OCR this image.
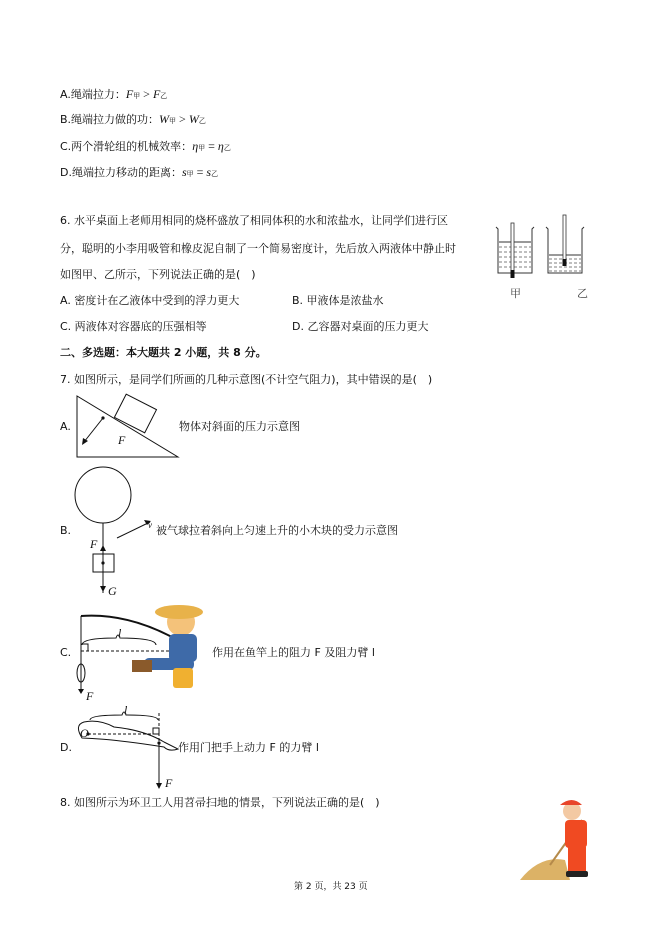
A.绳端拉力：F甲 > F乙
B.绳端拉力做的功：W甲 > W乙
C.两个滑轮组的机械效率：η甲 = η乙
D.绳端拉力移动的距离：s甲 = s乙
6. 水平桌面上老师用相同的烧杯盛放了相同体积的水和浓盐水，让同学们进行区
分，聪明的小李用吸管和橡皮泥自制了一个简易密度计，先后放入两液体中静止时
如图甲、乙所示，下列说法正确的是(　)
A. 密度计在乙液体中受到的浮力更大	B. 甲液体是浓盐水
C. 两液体对容器底的压强相等	D. 乙容器对桌面的压力更大
甲	乙
二、多选题：本大题共 2 小题，共 8 分。
7. 如图所示，是同学们所画的几种示意图(不计空气阻力)，其中错误的是(　)
A.
F
物体对斜面的压力示意图
B.
F
G
v 被气球拉着斜向上匀速上升的小木块的受力示意图
C.
l
F
作用在鱼竿上的阻力 F 及阻力臂 l
D.
l
O
F
作用门把手上动力 F 的力臂 l
8. 如图所示为环卫工人用苕帚扫地的情景，下列说法正确的是(　)
第 2 页，共 23 页
